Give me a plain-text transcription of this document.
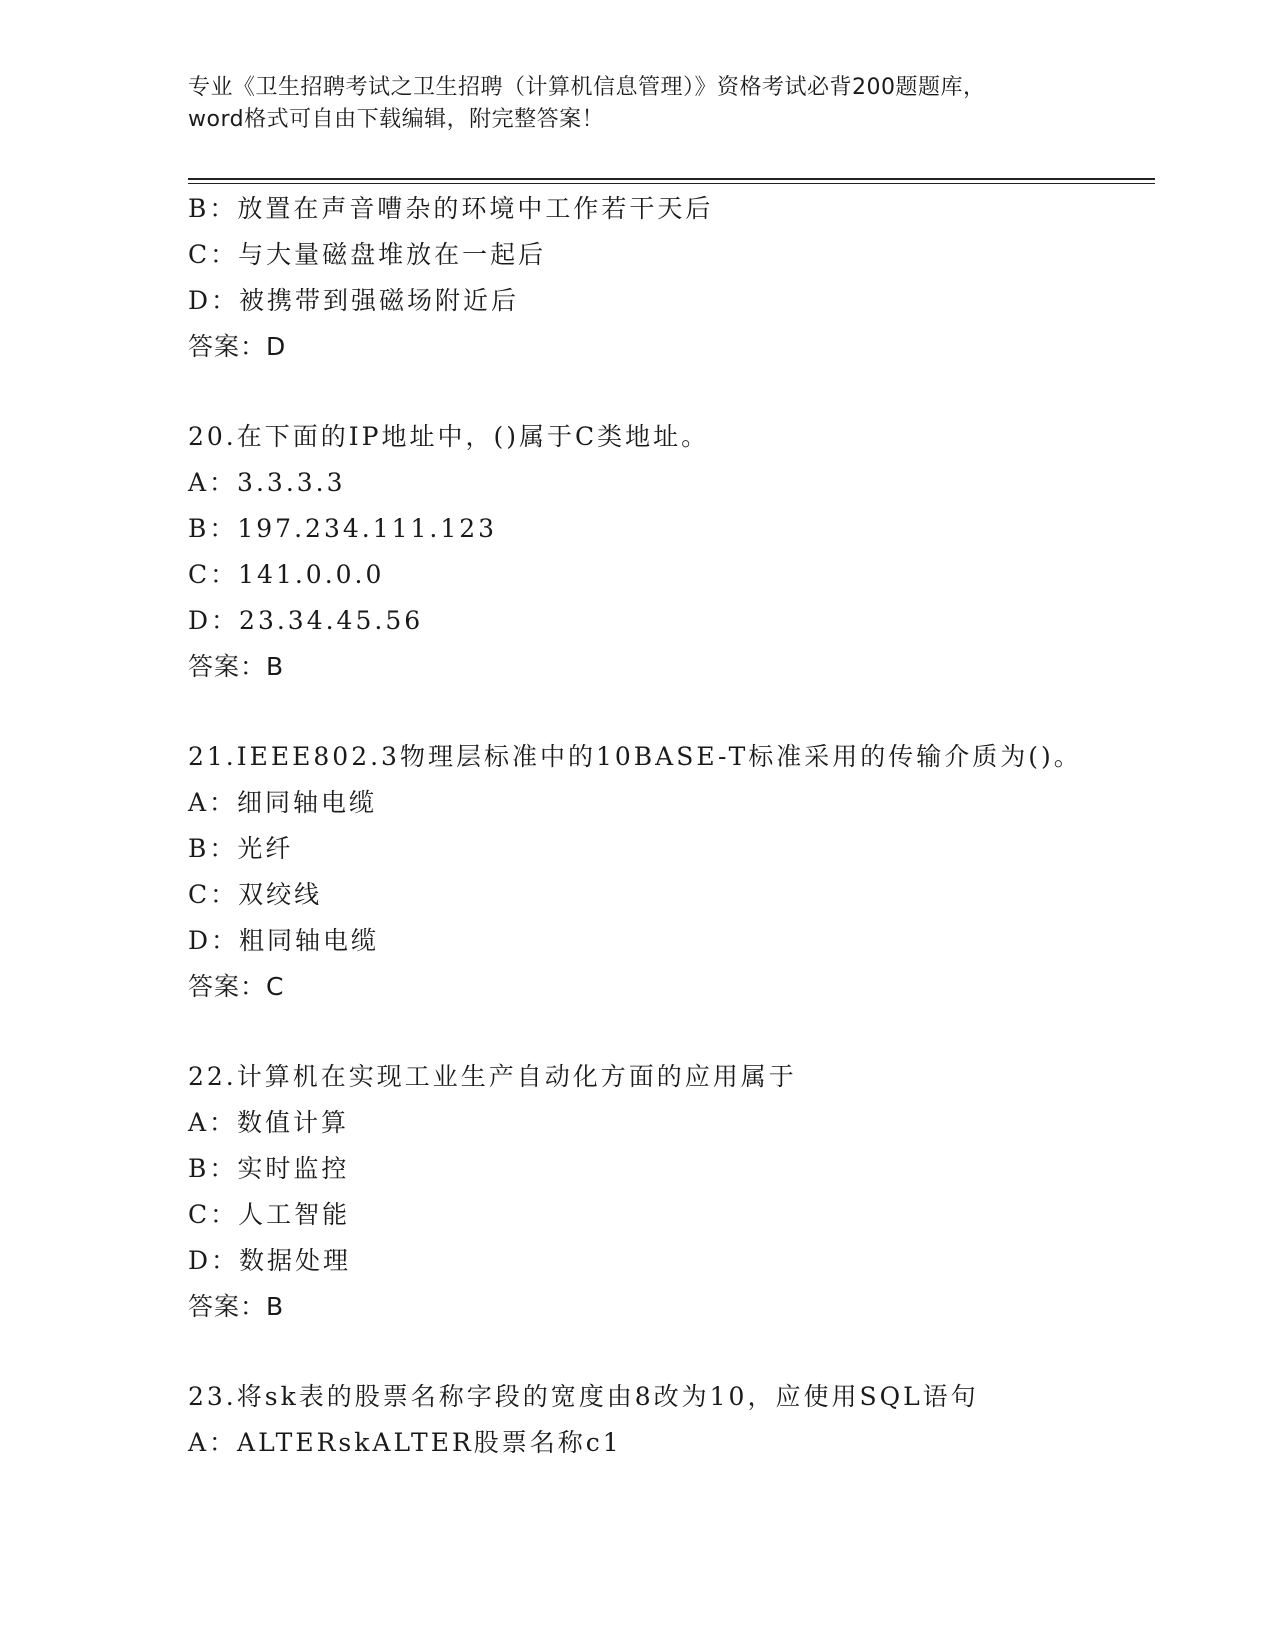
专业《卫生招聘考试之卫生招聘（计算机信息管理）》资格考试必背200题题库，
word格式可自由下载编辑，附完整答案！
B：放置在声音嘈杂的环境中工作若干天后
C：与大量磁盘堆放在一起后
D：被携带到强磁场附近后
答案：D
20.在下面的IP地址中，()属于C类地址。
A：3.3.3.3
B：197.234.111.123
C：141.0.0.0
D：23.34.45.56
答案：B
21.IEEE802.3物理层标准中的10BASE-T标准采用的传输介质为()。
A：细同轴电缆
B：光纤
C：双绞线
D：粗同轴电缆
答案：C
22.计算机在实现工业生产自动化方面的应用属于
A：数值计算
B：实时监控
C：人工智能
D：数据处理
答案：B
23.将sk表的股票名称字段的宽度由8改为10，应使用SQL语句
A：ALTERskALTER股票名称c1
